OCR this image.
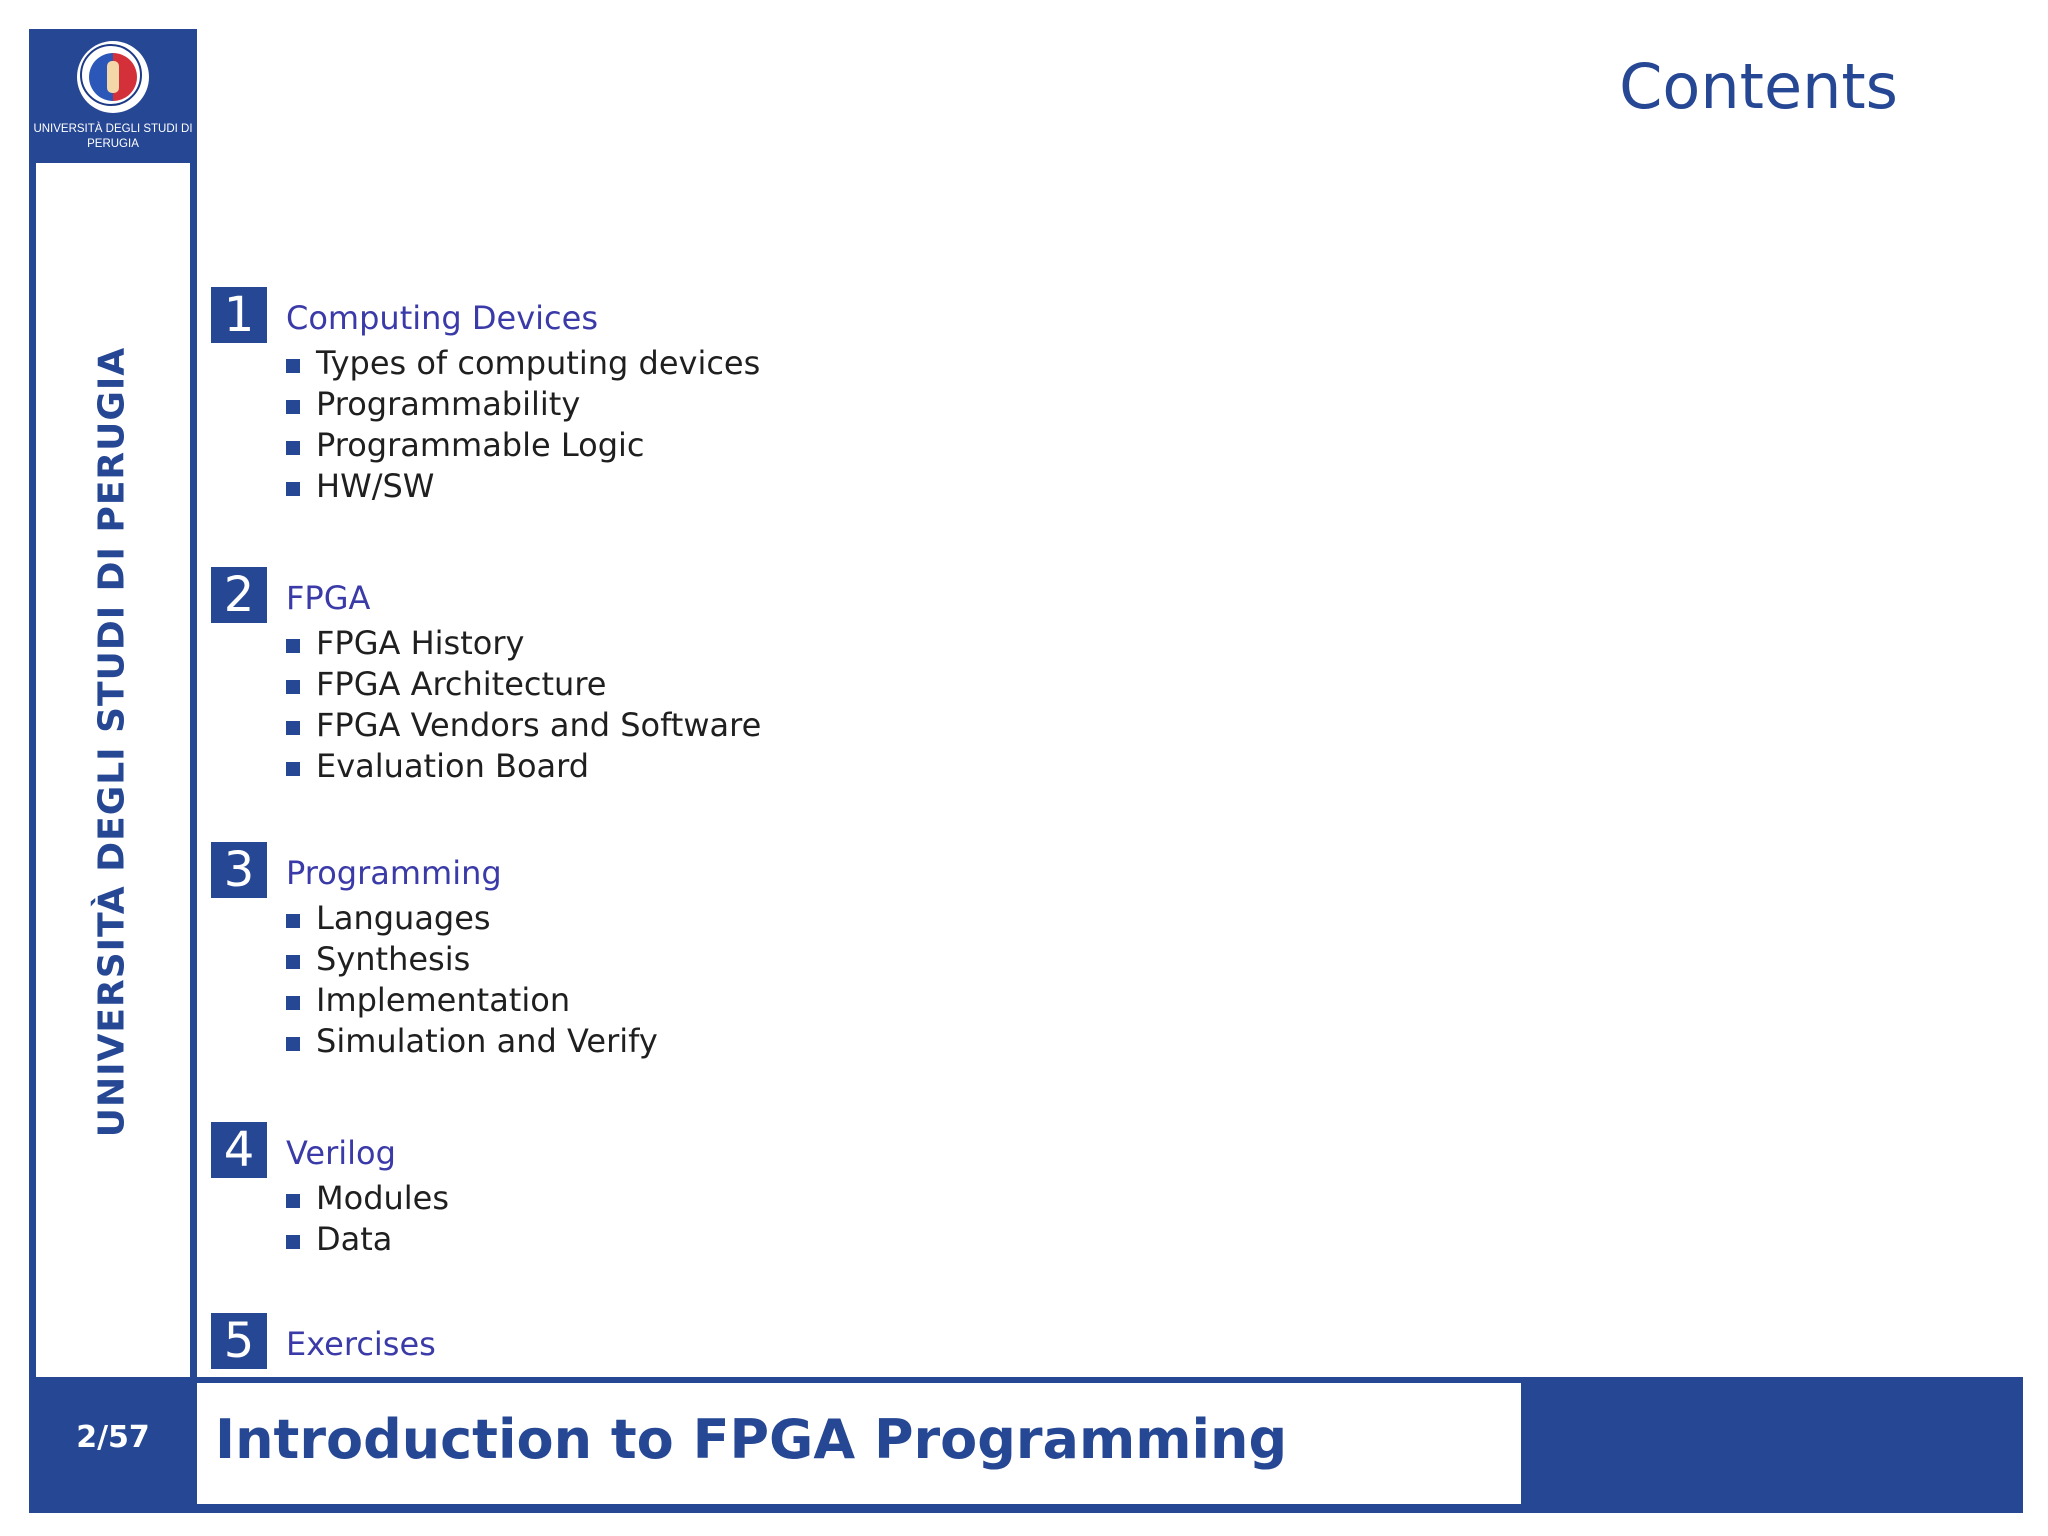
UNIVERSITÀ DEGLI STUDI DI PERUGIA
UNIVERSITÀ DEGLI STUDI DI PERUGIA
Contents
1 Computing Devices
Types of computing devices
Programmability
Programmable Logic
HW/SW
2 FPGA
FPGA History
FPGA Architecture
FPGA Vendors and Software
Evaluation Board
3 Programming
Languages
Synthesis
Implementation
Simulation and Verify
4 Verilog
Modules
Data
5 Exercises
2/57	Introduction to FPGA Programming
